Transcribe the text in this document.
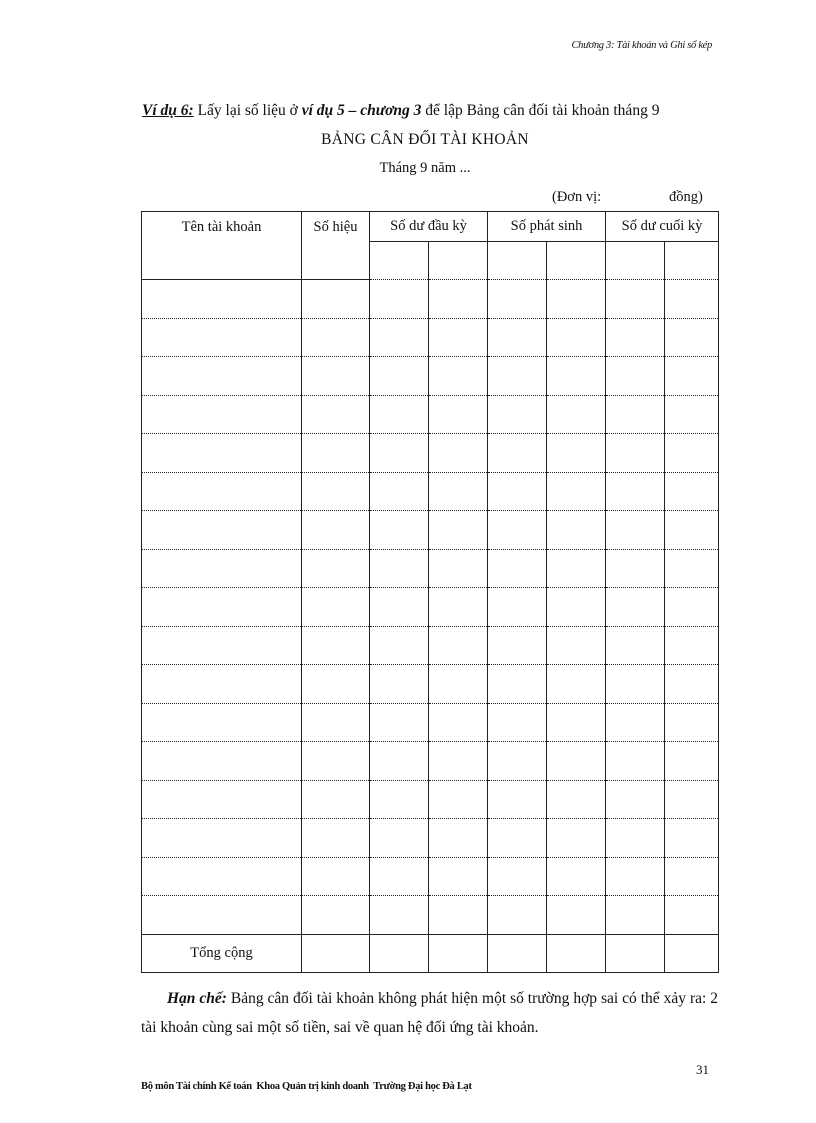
Chương 3: Tài khoản và Ghi sổ kép
Ví dụ 6: Lấy lại số liệu ở ví dụ 5 – chương 3 để lập Bảng cân đối tài khoản tháng 9
BẢNG CÂN ĐỐI TÀI KHOẢN
Tháng 9 năm ...
(Đơn vị:	đồng)
Tên tài khoản	Số hiệu	Số dư đầu kỳ		Số phát sinh		Số dư cuối kỳ	

Tổng cộng							
Hạn chế: Bảng cân đối tài khoản không phát hiện một số trường hợp sai có thể xảy ra: 2 tài khoản cùng sai một số tiền, sai về quan hệ đối ứng tài khoản.
31
Bộ môn Tài chính Kế toán  Khoa Quản trị kinh doanh  Trường Đại học Đà Lạt
